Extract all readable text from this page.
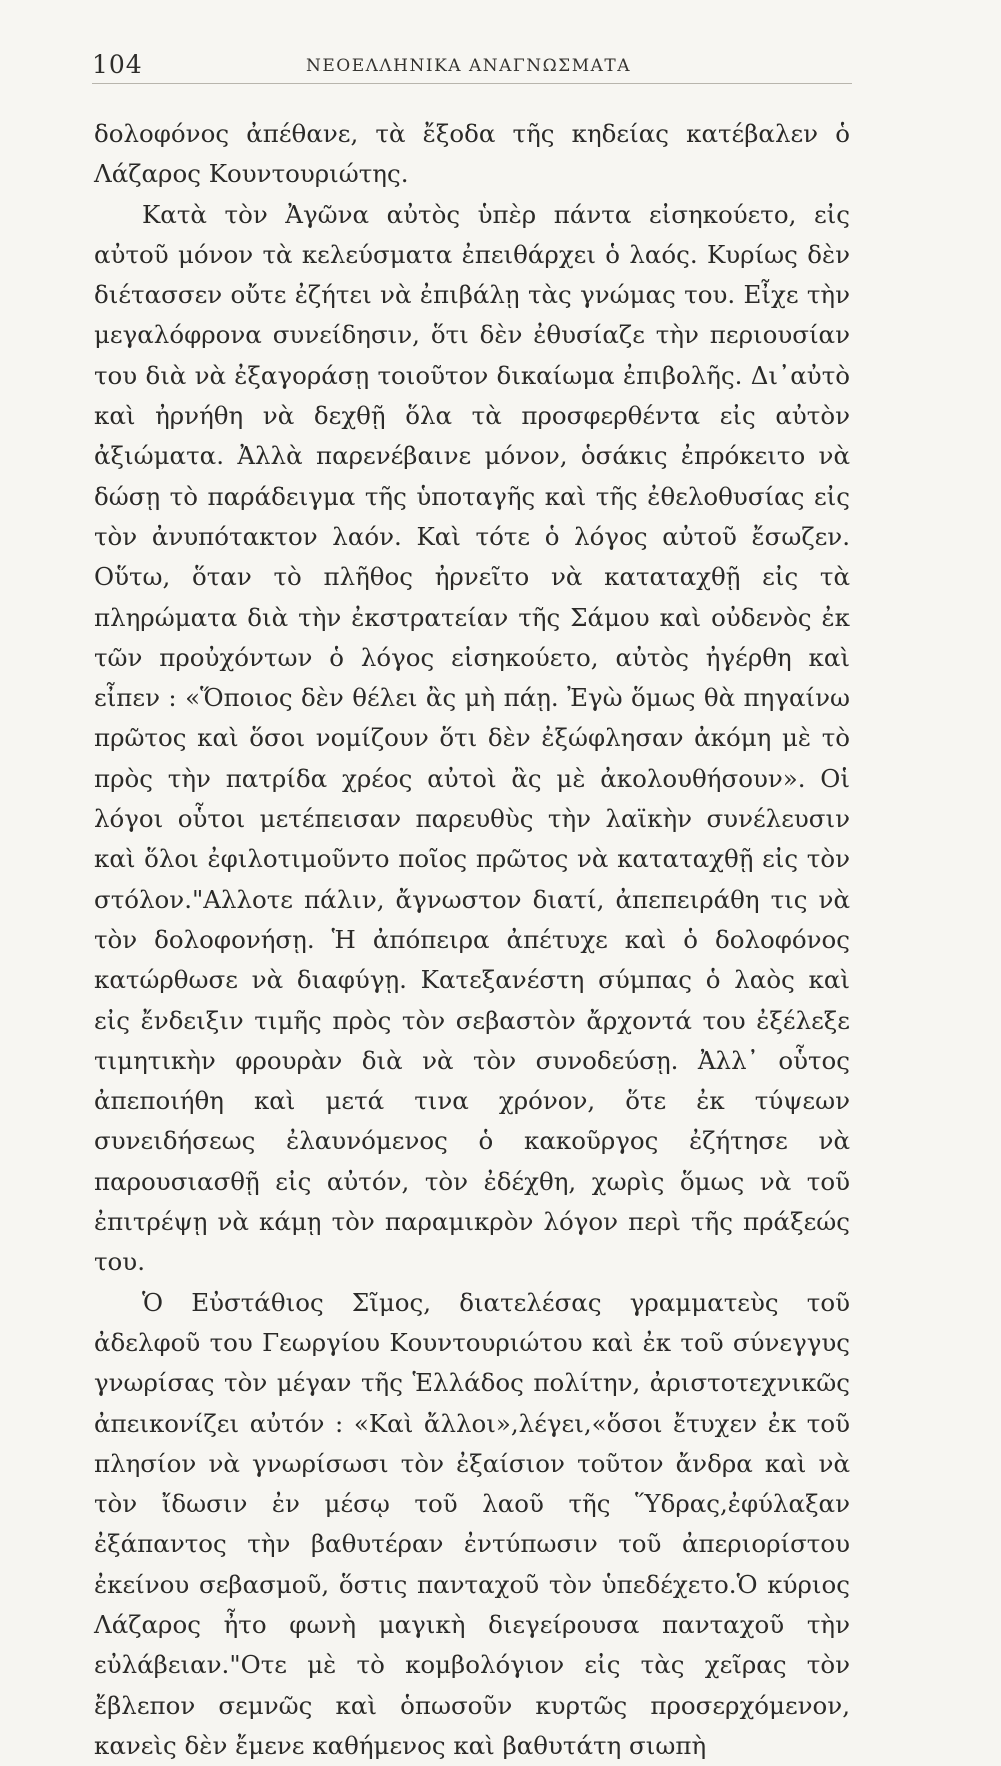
104	ΝΕΟΕΛΛΗΝΙΚΑ ΑΝΑΓΝΩΣΜΑΤΑ

δολοφόνος ἀπέθανε, τὰ ἔξοδα τῆς κηδείας κατέβαλεν ὁ Λάζαρος Κουντουριώτης.

Κατὰ τὸν Ἀγῶνα αὐτὸς ὑπὲρ πάντα εἰσηκούετο, εἰς αὐτοῦ μόνον τὰ κελεύσματα ἐπειθάρχει ὁ λαός. Κυρίως δὲν διέτασσεν οὔτε ἐζήτει νὰ ἐπιβάλῃ τὰς γνώμας του. Εἶχε τὴν μεγαλόφρονα συνείδησιν, ὅτι δὲν ἐθυσίαζε τὴν περιουσίαν του διὰ νὰ ἐξαγοράσῃ τοιοῦτον δικαίωμα ἐπιβολῆς. Δι᾽αὐτὸ καὶ ἠρνήθη νὰ δεχθῇ ὅλα τὰ προσφερθέντα εἰς αὐτὸν ἀξιώματα. Ἀλλὰ παρενέβαινε μόνον, ὁσάκις ἐπρόκειτο νὰ δώσῃ τὸ παράδειγμα τῆς ὑποταγῆς καὶ τῆς ἐθελοθυσίας εἰς τὸν ἀνυπότακτον λαόν. Καὶ τότε ὁ λόγος αὐτοῦ ἔσωζεν. Οὕτω, ὅταν τὸ πλῆθος ἠρνεῖτο νὰ καταταχθῇ εἰς τὰ πληρώματα διὰ τὴν ἐκστρατείαν τῆς Σάμου καὶ οὐδενὸς ἐκ τῶν προὐχόντων ὁ λόγος εἰσηκούετο, αὐτὸς ἠγέρθη καὶ εἶπεν : «Ὅποιος δὲν θέλει ἂς μὴ πάῃ. Ἐγὼ ὅμως θὰ πηγαίνω πρῶτος καὶ ὅσοι νομίζουν ὅτι δὲν ἐξώφλησαν ἀκόμη μὲ τὸ πρὸς τὴν πατρίδα χρέος αὐτοὶ ἂς μὲ ἀκολουθήσουν». Οἱ λόγοι οὗτοι μετέπεισαν παρευθὺς τὴν λαϊκὴν συνέλευσιν καὶ ὅλοι ἐφιλοτιμοῦντο ποῖος πρῶτος νὰ καταταχθῇ εἰς τὸν στόλον."Αλλοτε πάλιν, ἄγνωστον διατί, ἀπεπειράθη τις νὰ τὸν δολοφονήσῃ. Ἡ ἀπόπειρα ἀπέτυχε καὶ ὁ δολοφόνος κατώρθωσε νὰ διαφύγῃ. Κατεξανέστη σύμπας ὁ λαὸς καὶ εἰς ἔνδειξιν τιμῆς πρὸς τὸν σεβαστὸν ἄρχοντά του ἐξέλεξε τιμητικὴν φρουρὰν διὰ νὰ τὸν συνοδεύσῃ. Ἀλλ᾽ οὗτος ἀπεποιήθη καὶ μετά τινα χρόνον, ὅτε ἐκ τύψεων συνειδήσεως ἐλαυνόμενος ὁ κακοῦργος ἐζήτησε νὰ παρουσιασθῇ εἰς αὐτόν, τὸν ἐδέχθη, χωρὶς ὅμως νὰ τοῦ ἐπιτρέψῃ νὰ κάμῃ τὸν παραμικρὸν λόγον περὶ τῆς πράξεώς του.

Ὁ Εὐστάθιος Σῖμος, διατελέσας γραμματεὺς τοῦ ἀδελφοῦ του Γεωργίου Κουντουριώτου καὶ ἐκ τοῦ σύνεγγυς γνωρίσας τὸν μέγαν τῆς Ἑλλάδος πολίτην, ἀριστοτεχνικῶς ἀπεικονίζει αὐτόν : «Καὶ ἄλλοι»,λέγει,«ὅσοι ἔτυχεν ἐκ τοῦ πλησίον νὰ γνωρίσωσι τὸν ἐξαίσιον τοῦτον ἄνδρα καὶ νὰ τὸν ἴδωσιν ἐν μέσῳ τοῦ λαοῦ τῆς Ὕδρας,ἐφύλαξαν ἐξάπαντος τὴν βαθυτέραν ἐντύπωσιν τοῦ ἀπεριορίστου ἐκείνου σεβασμοῦ, ὅστις πανταχοῦ τὸν ὑπεδέχετο.Ὁ κύριος Λάζαρος ἦτο φωνὴ μαγικὴ διεγείρουσα πανταχοῦ τὴν εὐλάβειαν."Οτε μὲ τὸ κομβολόγιον εἰς τὰς χεῖρας τὸν ἔβλεπον σεμνῶς καὶ ὁπωσοῦν κυρτῶς προσερχόμενον, κανεὶς δὲν ἔμενε καθήμενος καὶ βαθυτάτη σιωπὴ
